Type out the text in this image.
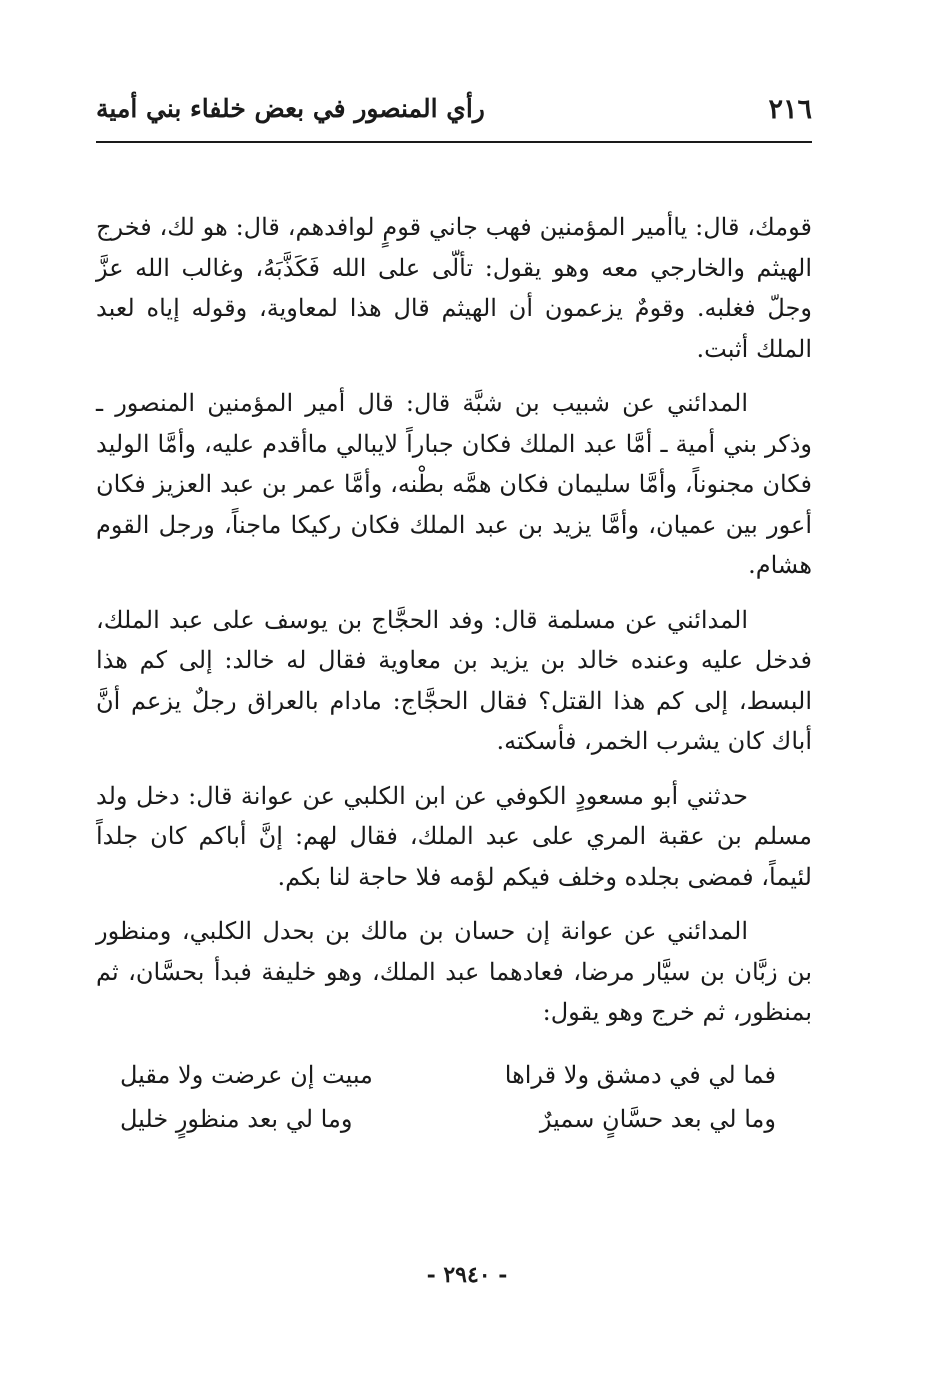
٢١٦
رأي المنصور في بعض خلفاء بني أمية

قومك، قال: ياأمير المؤمنين فهب جاني قومٍ لوافدهم، قال: هو لك، فخرج الهيثم والخارجي معه وهو يقول: تألّى على الله فَكَذَّبَهُ، وغالب الله عزَّ وجلّ فغلبه. وقومٌ يزعمون أن الهيثم قال هذا لمعاوية، وقوله إياه لعبد الملك أثبت.

المدائني عن شبيب بن شبَّة قال: قال أمير المؤمنين المنصور ـ وذكر بني أمية ـ أمَّا عبد الملك فكان جباراً لايبالي ماأقدم عليه، وأمَّا الوليد فكان مجنوناً، وأمَّا سليمان فكان همَّه بطْنه، وأمَّا عمر بن عبد العزيز فكان أعور بين عميان، وأمَّا يزيد بن عبد الملك فكان ركيكا ماجناً، ورجل القوم هشام.

المدائني عن مسلمة قال: وفد الحجَّاج بن يوسف على عبد الملك، فدخل عليه وعنده خالد بن يزيد بن معاوية فقال له خالد: إلى كم هذا البسط، إلى كم هذا القتل؟ فقال الحجَّاج: مادام بالعراق رجلٌ يزعم أنَّ أباك كان يشرب الخمر، فأسكته.

حدثني أبو مسعودٍ الكوفي عن ابن الكلبي عن عوانة قال: دخل ولد مسلم بن عقبة المري على عبد الملك، فقال لهم: إنَّ أباكم كان جلداً لئيماً، فمضى بجلده وخلف فيكم لؤمه فلا حاجة لنا بكم.

المدائني عن عوانة إن حسان بن مالك بن بحدل الكلبي، ومنظور بن زبَّان بن سيَّار مرضا، فعادهما عبد الملك، وهو خليفة فبدأ بحسَّان، ثم بمنظور، ثم خرج وهو يقول:

فما لي في دمشق ولا قراها
مبيت إن عرضت ولا مقيل
وما لي بعد حسَّانٍ سميرٌ
وما لي بعد منظورٍ خليل
- ٢٩٤٠ -
